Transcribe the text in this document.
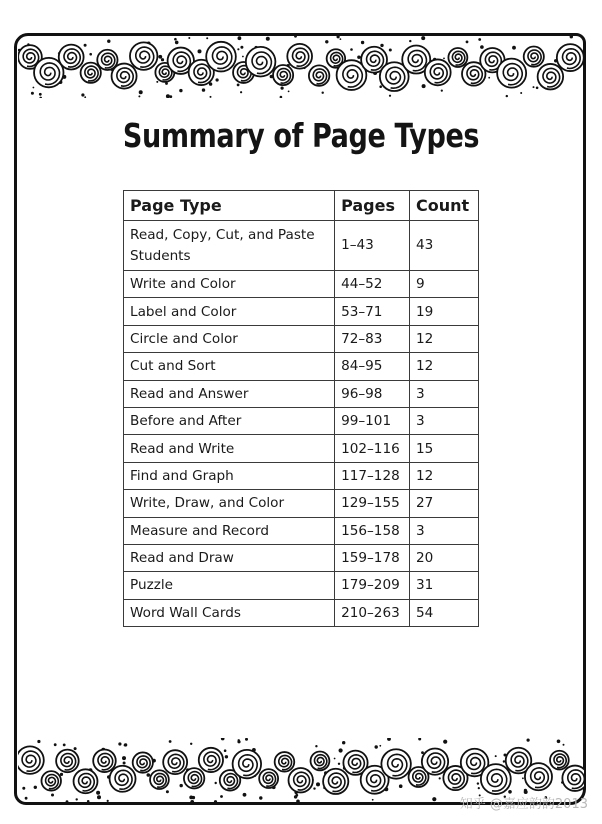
Summary of Page Types
Page Type	Pages	Count
Read, Copy, Cut, and Paste Students	1–43	43
Write and Color	44–52	9
Label and Color	53–71	19
Circle and Color	72–83	12
Cut and Sort	84–95	12
Read and Answer	96–98	3
Before and After	99–101	3
Read and Write	102–116	15
Find and Graph	117–128	12
Write, Draw, and Color	129–155	27
Measure and Record	156–158	3
Read and Draw	159–178	20
Puzzle	179–209	31
Word Wall Cards	210–263	54
知乎 @嘉应韵韵2013
